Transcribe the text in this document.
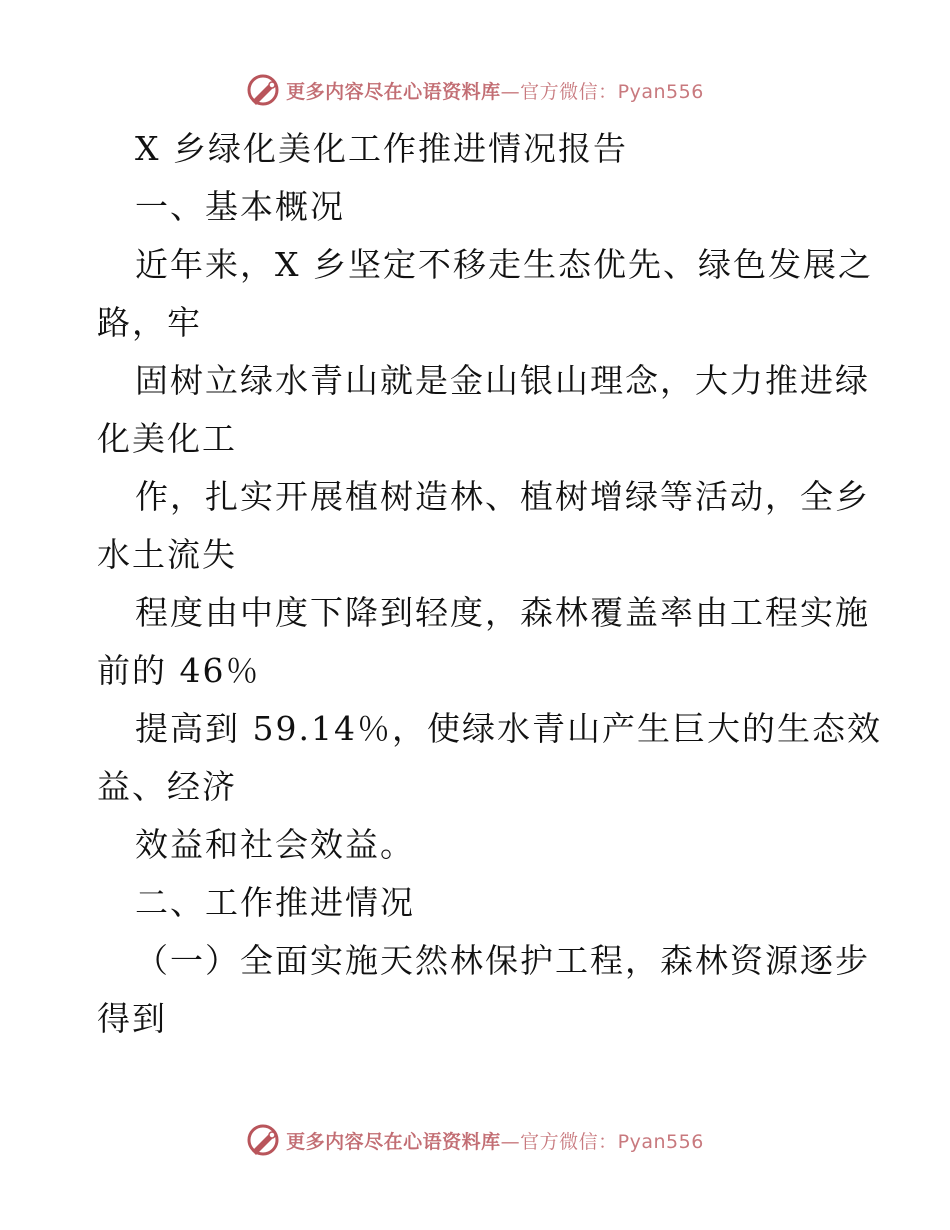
更多内容尽在心语资料库—官方微信：Pyan556
X 乡绿化美化工作推进情况报告
一、基本概况
近年来，X 乡坚定不移走生态优先、绿色发展之
路，牢
固树立绿水青山就是金山银山理念，大力推进绿
化美化工
作，扎实开展植树造林、植树增绿等活动，全乡
水土流失
程度由中度下降到轻度，森林覆盖率由工程实施
前的 46％
提高到 59.14％，使绿水青山产生巨大的生态效
益、经济
效益和社会效益。
二、工作推进情况
（一）全面实施天然林保护工程，森林资源逐步
得到
更多内容尽在心语资料库—官方微信：Pyan556
